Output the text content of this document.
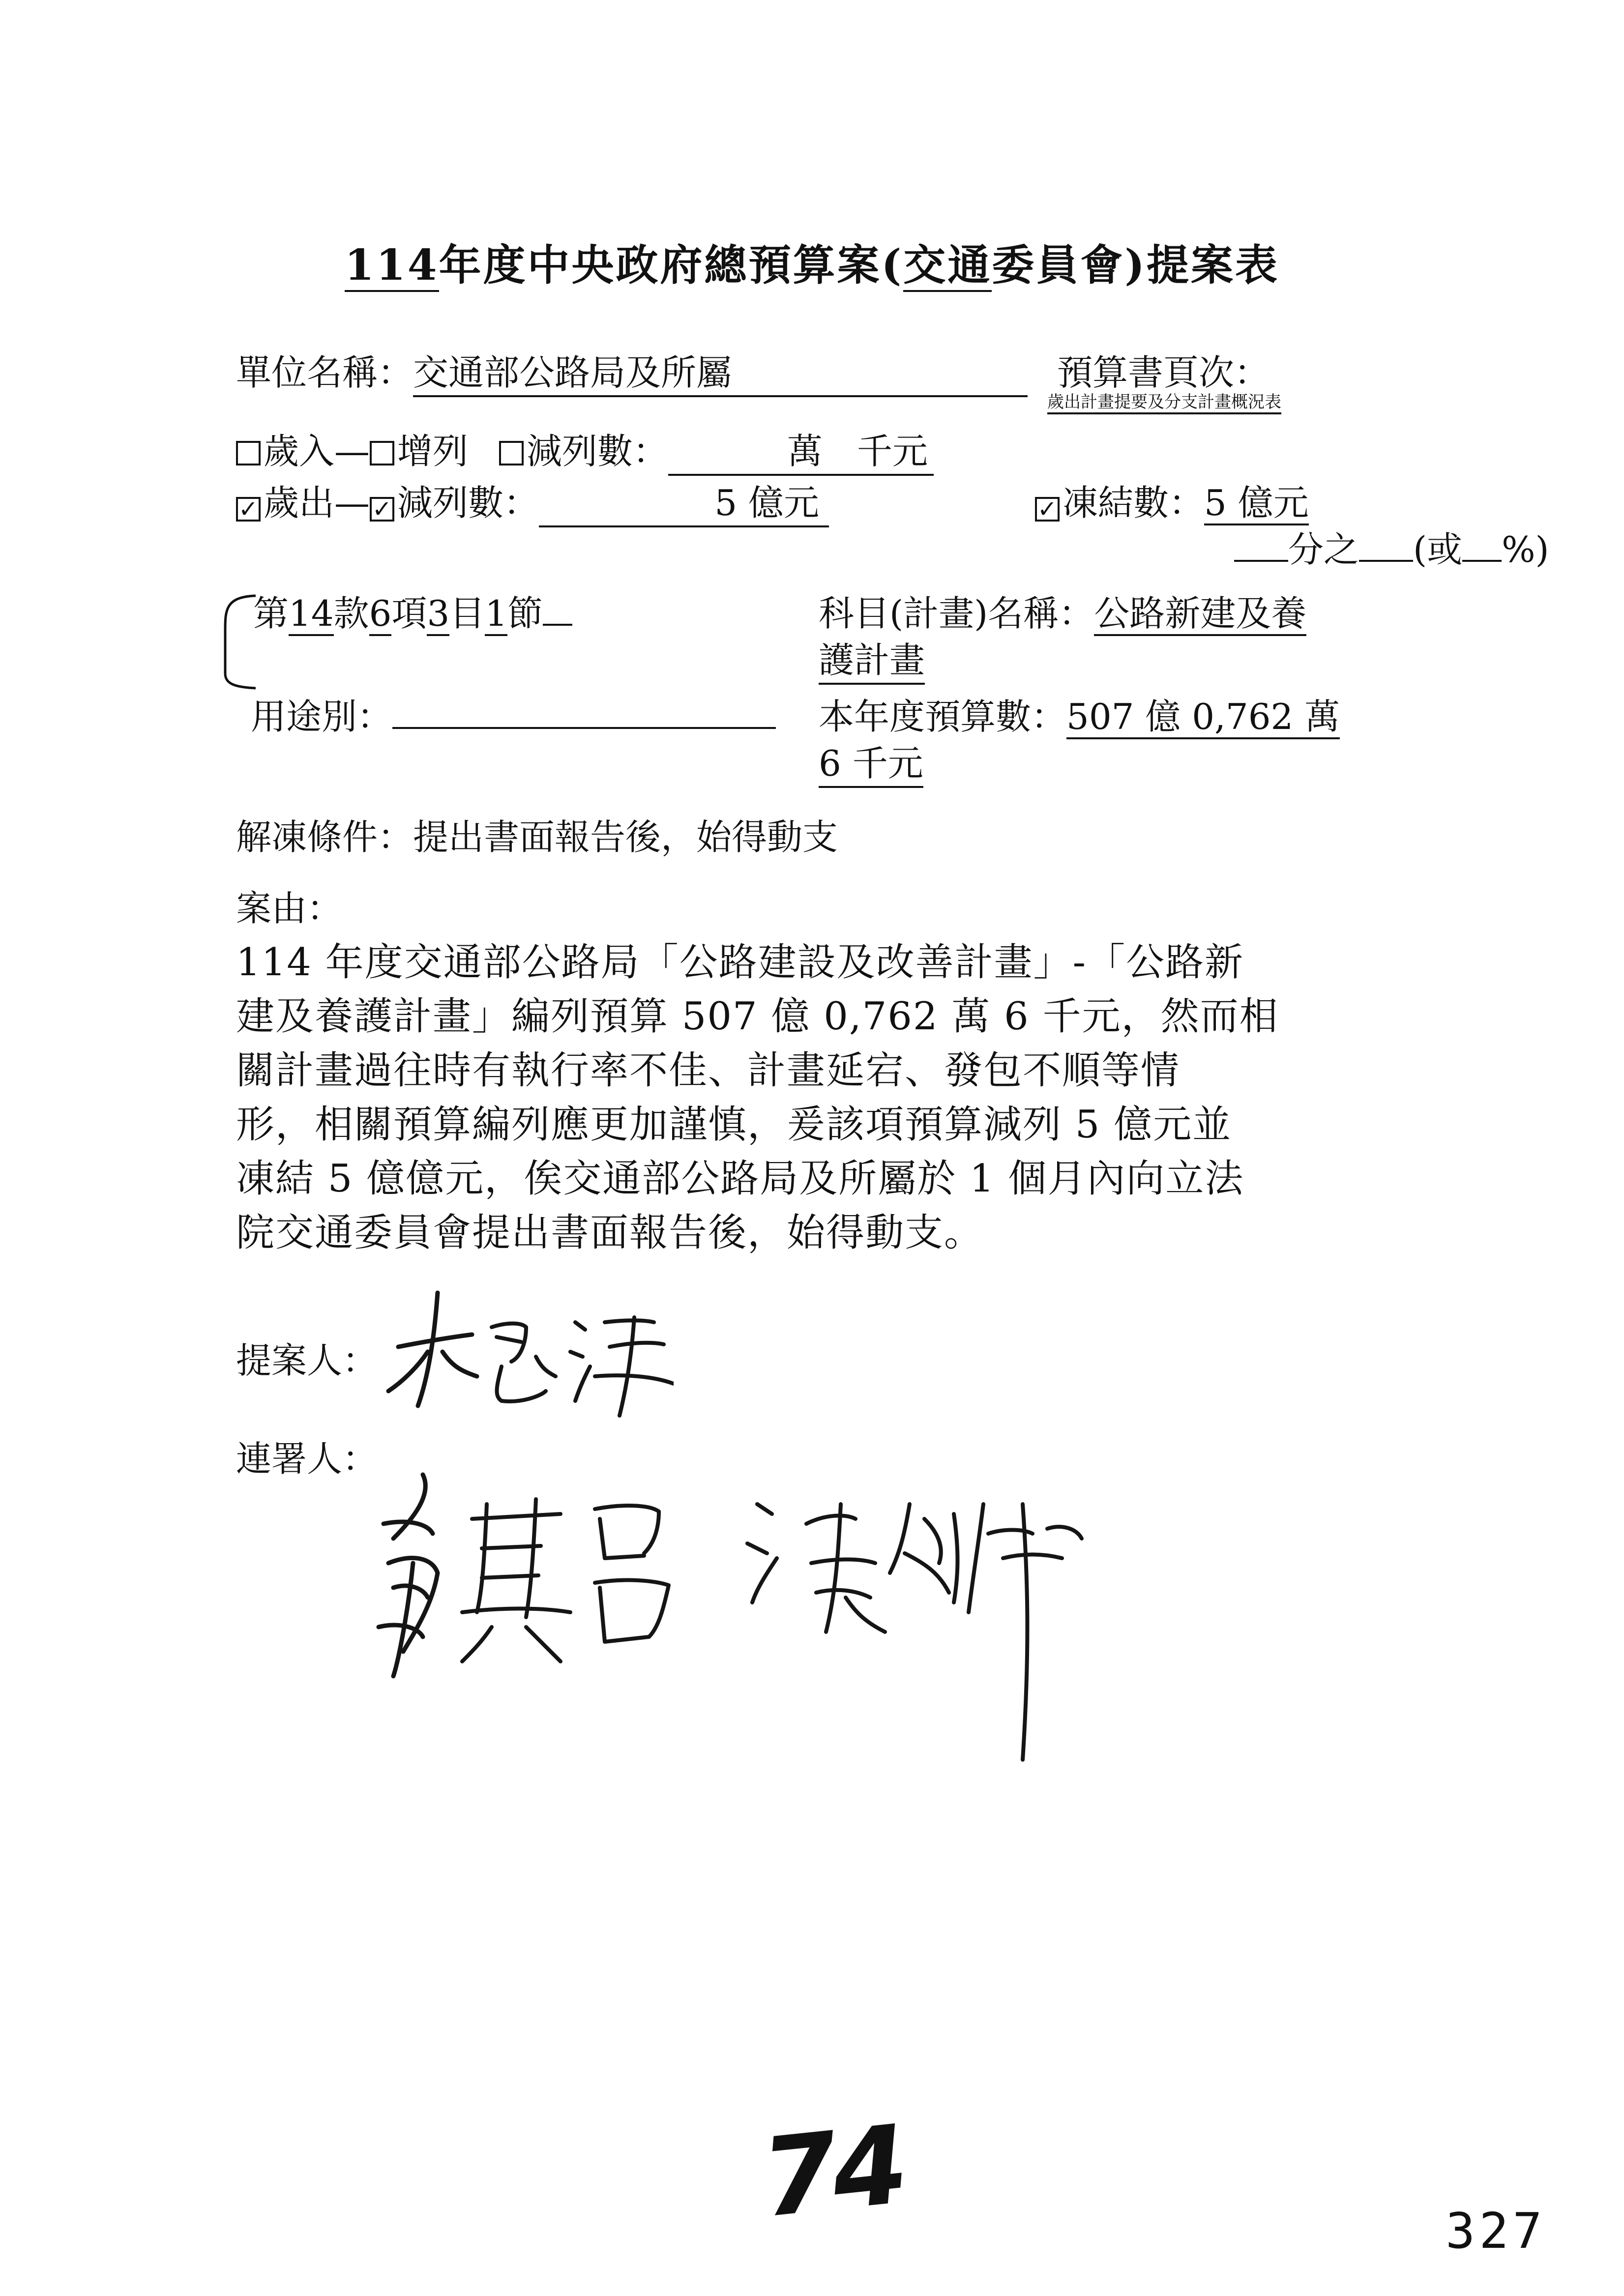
114年度中央政府總預算案(交通委員會)提案表
單位名稱：交通部公路局及所屬	預算書頁次：
歲出計畫提要及分支計畫概況表
歲入— 增列 減列數：	萬 千元
✓ 歲出— ✓ 減列數：	5 億元	✓ 凍結數：5 億元
分之 (或 %)
第14款6項3目1節	科目(計畫)名稱：公路新建及養
護計畫
用途別：	本年度預算數：507 億 0,762 萬
6 千元
解凍條件：提出書面報告後，始得動支
案由：
114 年度交通部公路局「公路建設及改善計畫」-「公路新
建及養護計畫」編列預算 507 億 0,762 萬 6 千元，然而相
關計畫過往時有執行率不佳、計畫延宕、發包不順等情
形，相關預算編列應更加謹慎，爰該項預算減列 5 億元並
凍結 5 億億元，俟交通部公路局及所屬於 1 個月內向立法
院交通委員會提出書面報告後，始得動支。
提案人：
連署人：
74	327
